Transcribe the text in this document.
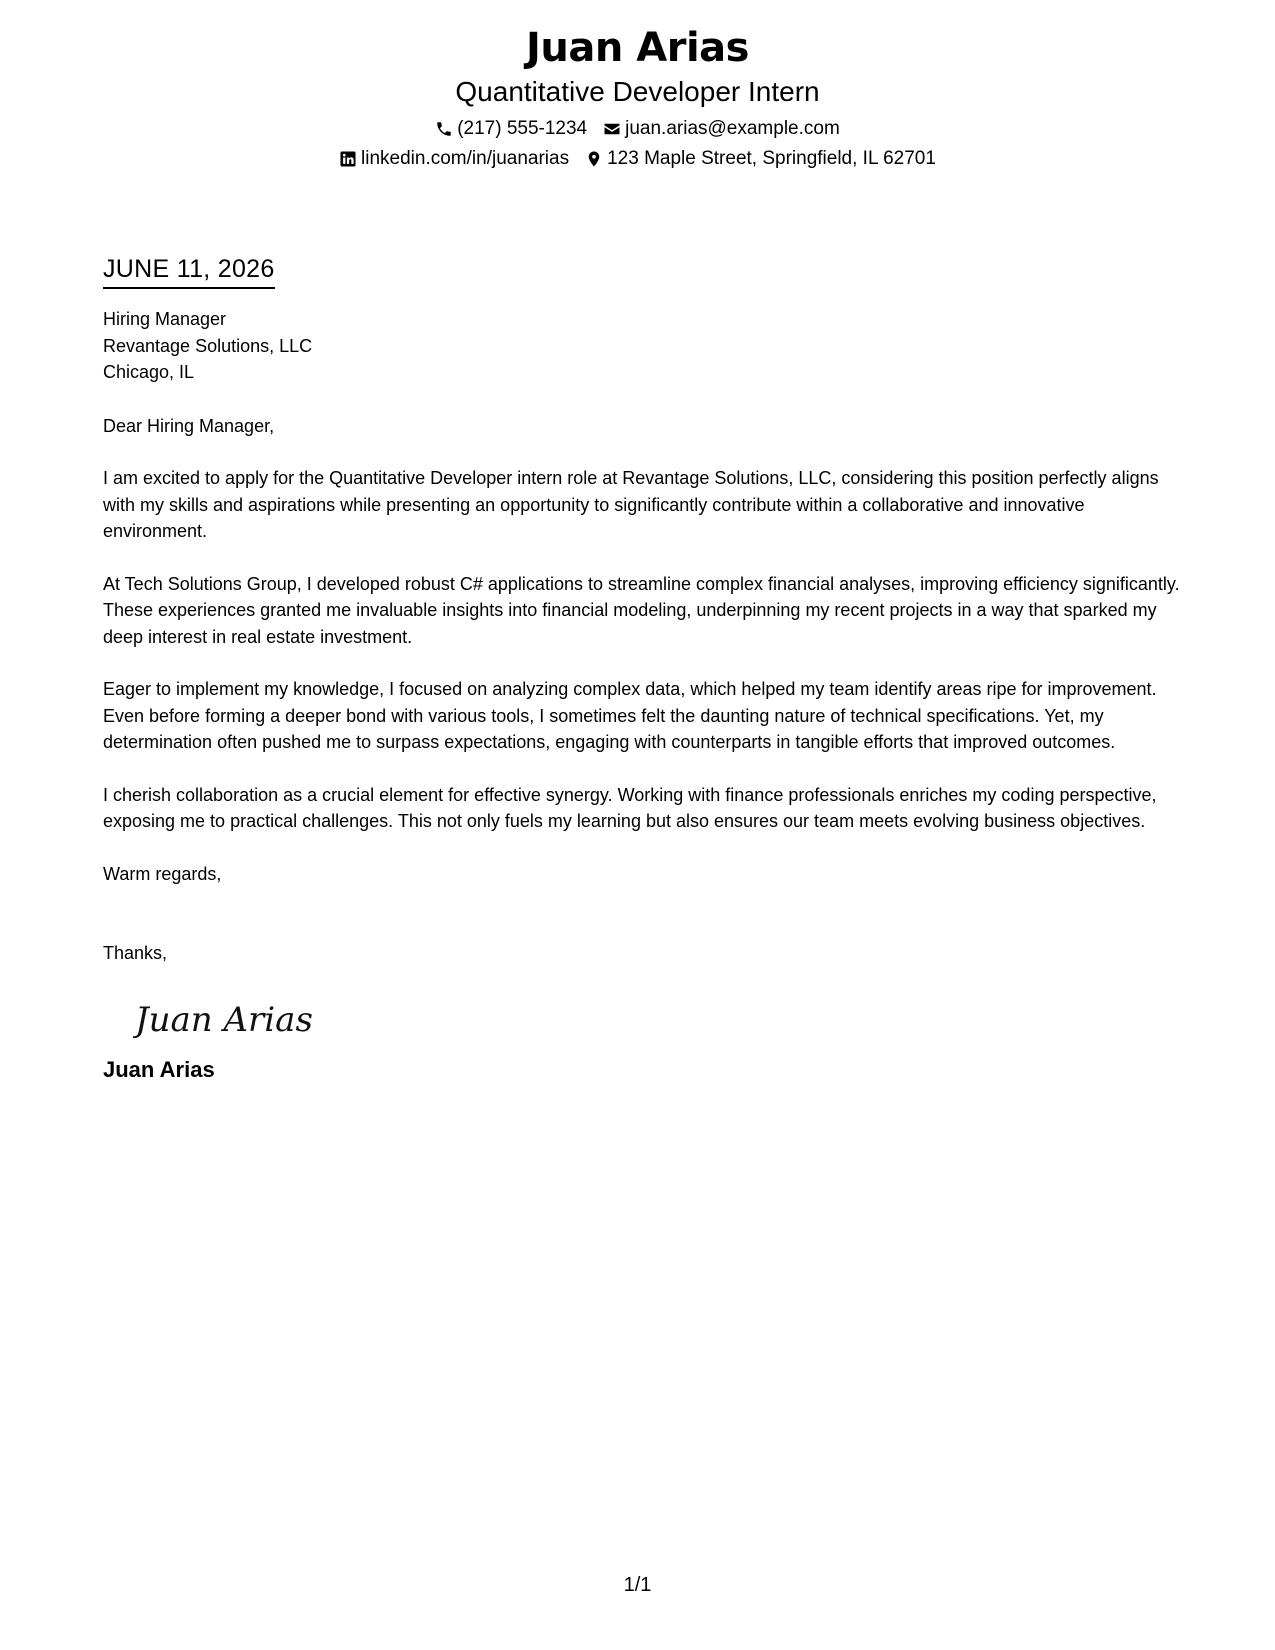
Juan Arias
Quantitative Developer Intern
(217) 555-1234 juan.arias@example.com
linkedin.com/in/juanarias 123 Maple Street, Springfield, IL 62701
JUNE 11, 2026
Hiring Manager
Revantage Solutions, LLC
Chicago, IL
Dear Hiring Manager,
I am excited to apply for the Quantitative Developer intern role at Revantage Solutions, LLC, considering this position perfectly aligns with my skills and aspirations while presenting an opportunity to significantly contribute within a collaborative and innovative environment.
At Tech Solutions Group, I developed robust C# applications to streamline complex financial analyses, improving efficiency significantly. These experiences granted me invaluable insights into financial modeling, underpinning my recent projects in a way that sparked my deep interest in real estate investment.
Eager to implement my knowledge, I focused on analyzing complex data, which helped my team identify areas ripe for improvement. Even before forming a deeper bond with various tools, I sometimes felt the daunting nature of technical specifications. Yet, my determination often pushed me to surpass expectations, engaging with counterparts in tangible efforts that improved outcomes.
I cherish collaboration as a crucial element for effective synergy. Working with finance professionals enriches my coding perspective, exposing me to practical challenges. This not only fuels my learning but also ensures our team meets evolving business objectives.
Warm regards,
Thanks,
Juan Arias
Juan Arias
1/1
